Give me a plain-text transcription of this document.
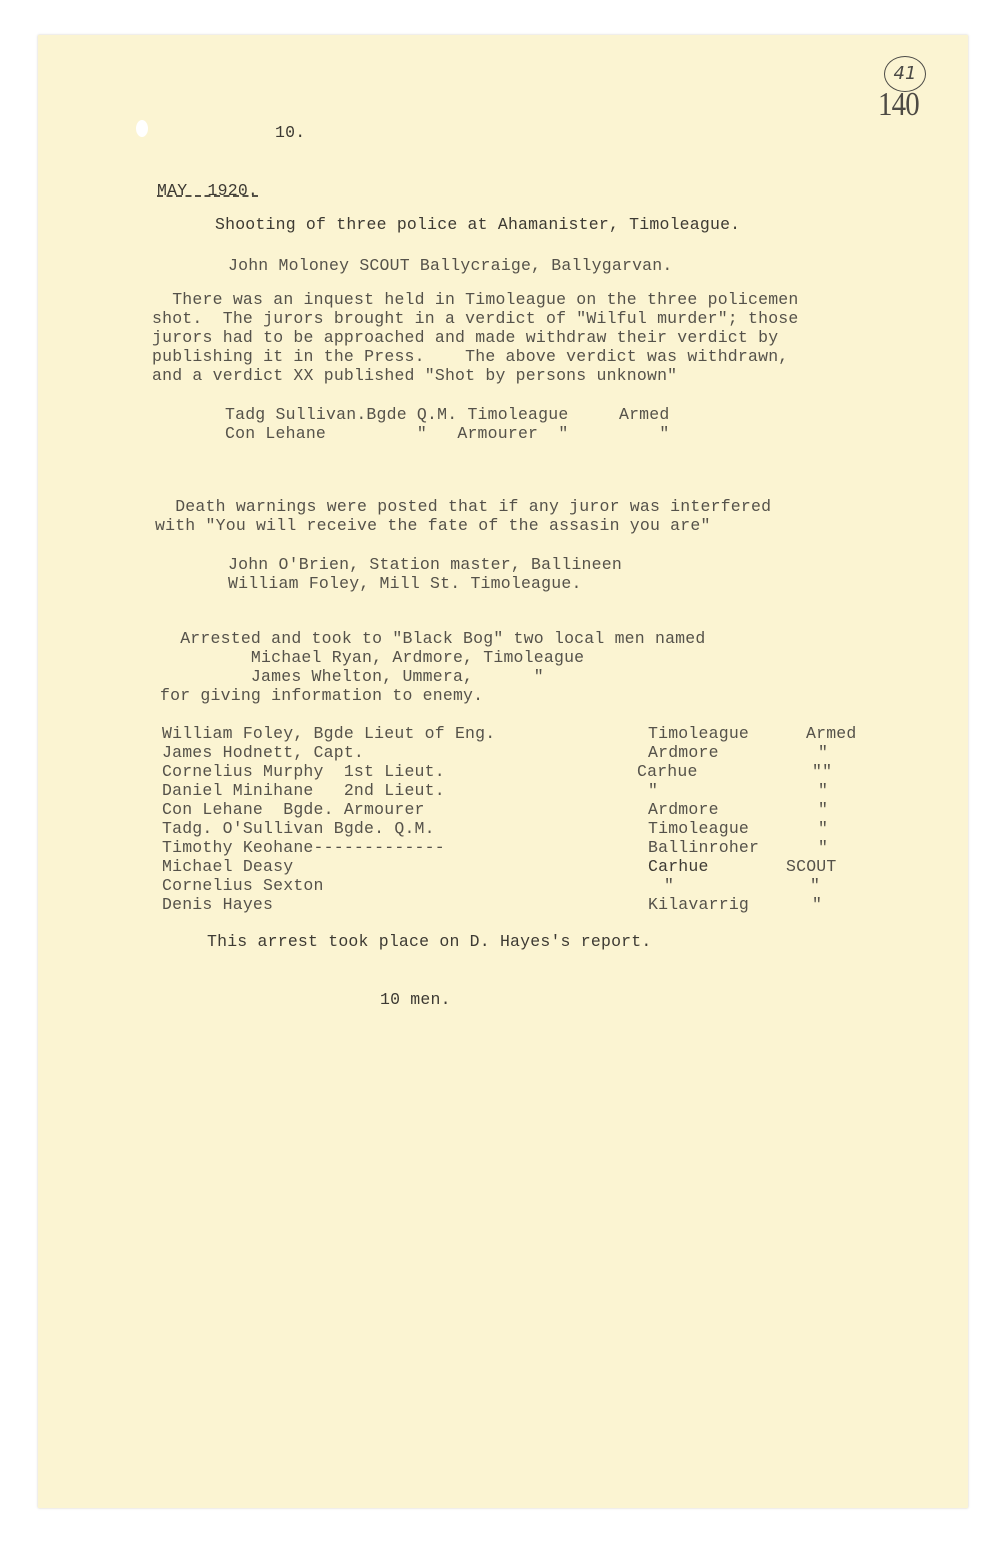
41
140
10.
MAY  1920.
Shooting of three police at Ahamanister, Timoleague.
John Moloney SCOUT Ballycraige, Ballygarvan.
There was an inquest held in Timoleague on the three policemen
shot.  The jurors brought in a verdict of "Wilful murder"; those
jurors had to be approached and made withdraw their verdict by
publishing it in the Press.    The above verdict was withdrawn,
and a verdict XX published "Shot by persons unknown"
Tadg Sullivan.Bgde Q.M. Timoleague     Armed
Con Lehane         "   Armourer  "         "
Death warnings were posted that if any juror was interfered
with "You will receive the fate of the assasin you are"
John O'Brien, Station master, Ballineen
William Foley, Mill St. Timoleague.
Arrested and took to "Black Bog" two local men named
Michael Ryan, Ardmore, Timoleague
James Whelton, Ummera,      "
for giving information to enemy.
William Foley, Bgde Lieut of Eng.	Timoleague	Armed
James Hodnett, Capt.	Ardmore	"
Cornelius Murphy  1st Lieut.	Carhue	""
Daniel Minihane   2nd Lieut.	"	"
Con Lehane  Bgde. Armourer	Ardmore	"
Tadg. O'Sullivan Bgde. Q.M.	Timoleague	"
Timothy Keohane-------------	Ballinroher	"
Michael Deasy	Carhue	SCOUT
Cornelius Sexton	"	"
Denis Hayes	Kilavarrig	"
This arrest took place on D. Hayes's report.
10 men.
